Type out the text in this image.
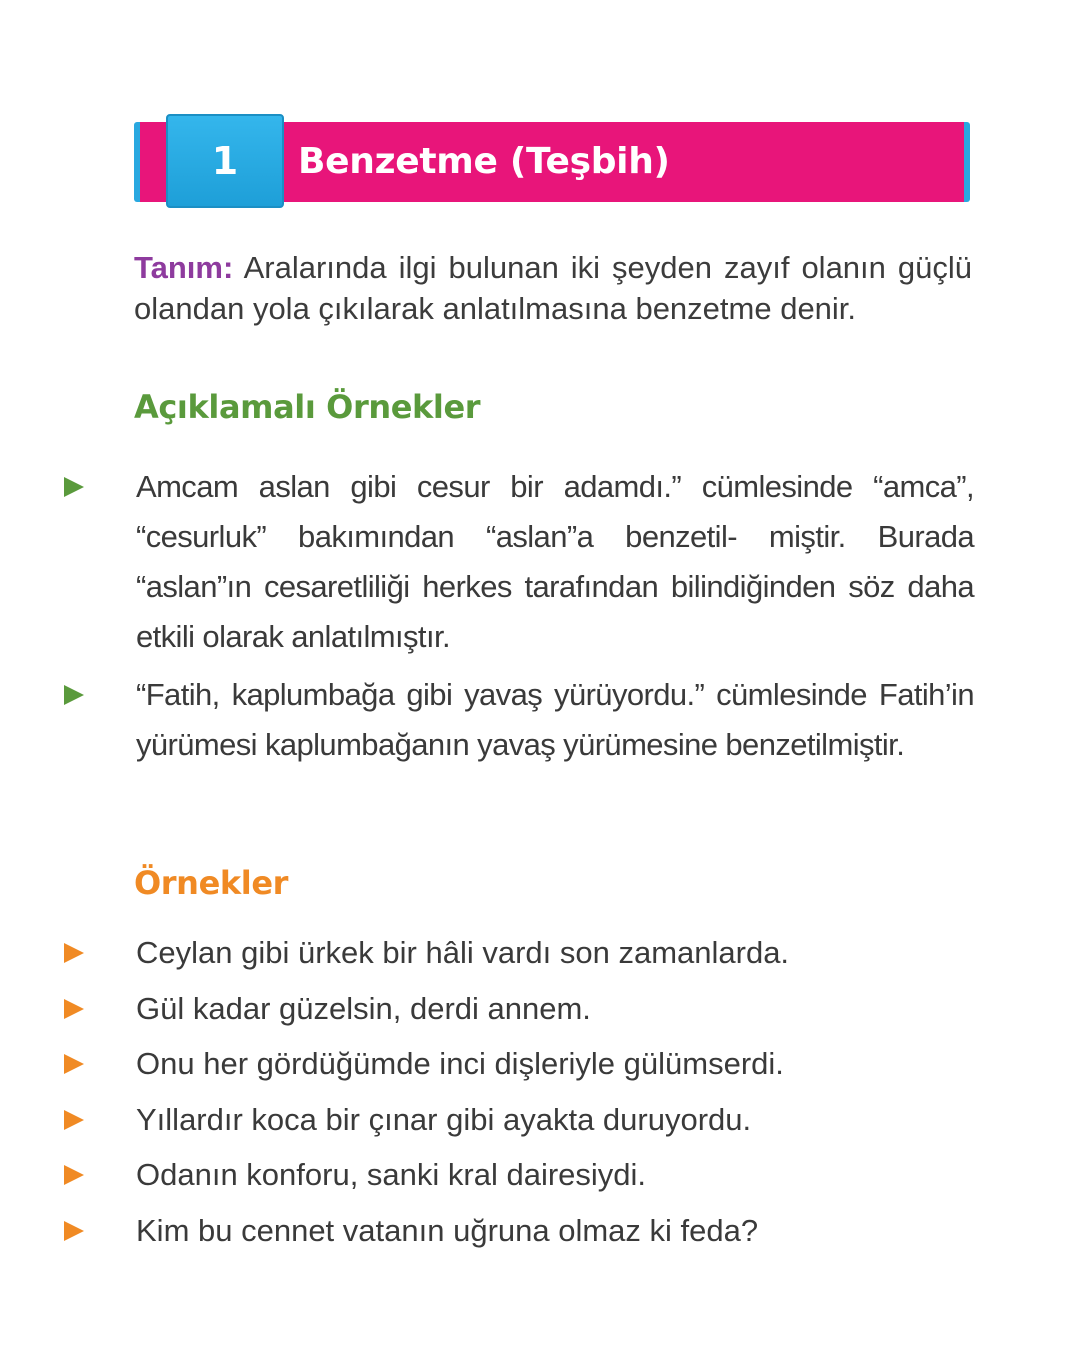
1 Benzetme (Teşbih)

Tanım: Aralarında ilgi bulunan iki şeyden zayıf olanın güçlü olandan yola çıkılarak anlatılmasına benzetme denir.

Açıklamalı Örnekler
Amcam aslan gibi cesur bir adamdı.” cümlesinde “amca”, “cesurluk” bakımından “aslan”a benzetil- miştir. Burada “aslan”ın cesaretliliği herkes tarafından bilindiğinden söz daha etkili olarak anlatılmıştır.
“Fatih, kaplumbağa gibi yavaş yürüyordu.” cümlesinde Fatih’in yürümesi kaplumbağanın yavaş yürümesine benzetilmiştir.
Örnekler
Ceylan gibi ürkek bir hâli vardı son zamanlarda.
Gül kadar güzelsin, derdi annem.
Onu her gördüğümde inci dişleriyle gülümserdi.
Yıllardır koca bir çınar gibi ayakta duruyordu.
Odanın konforu, sanki kral dairesiydi.
Kim bu cennet vatanın uğruna olmaz ki feda?
